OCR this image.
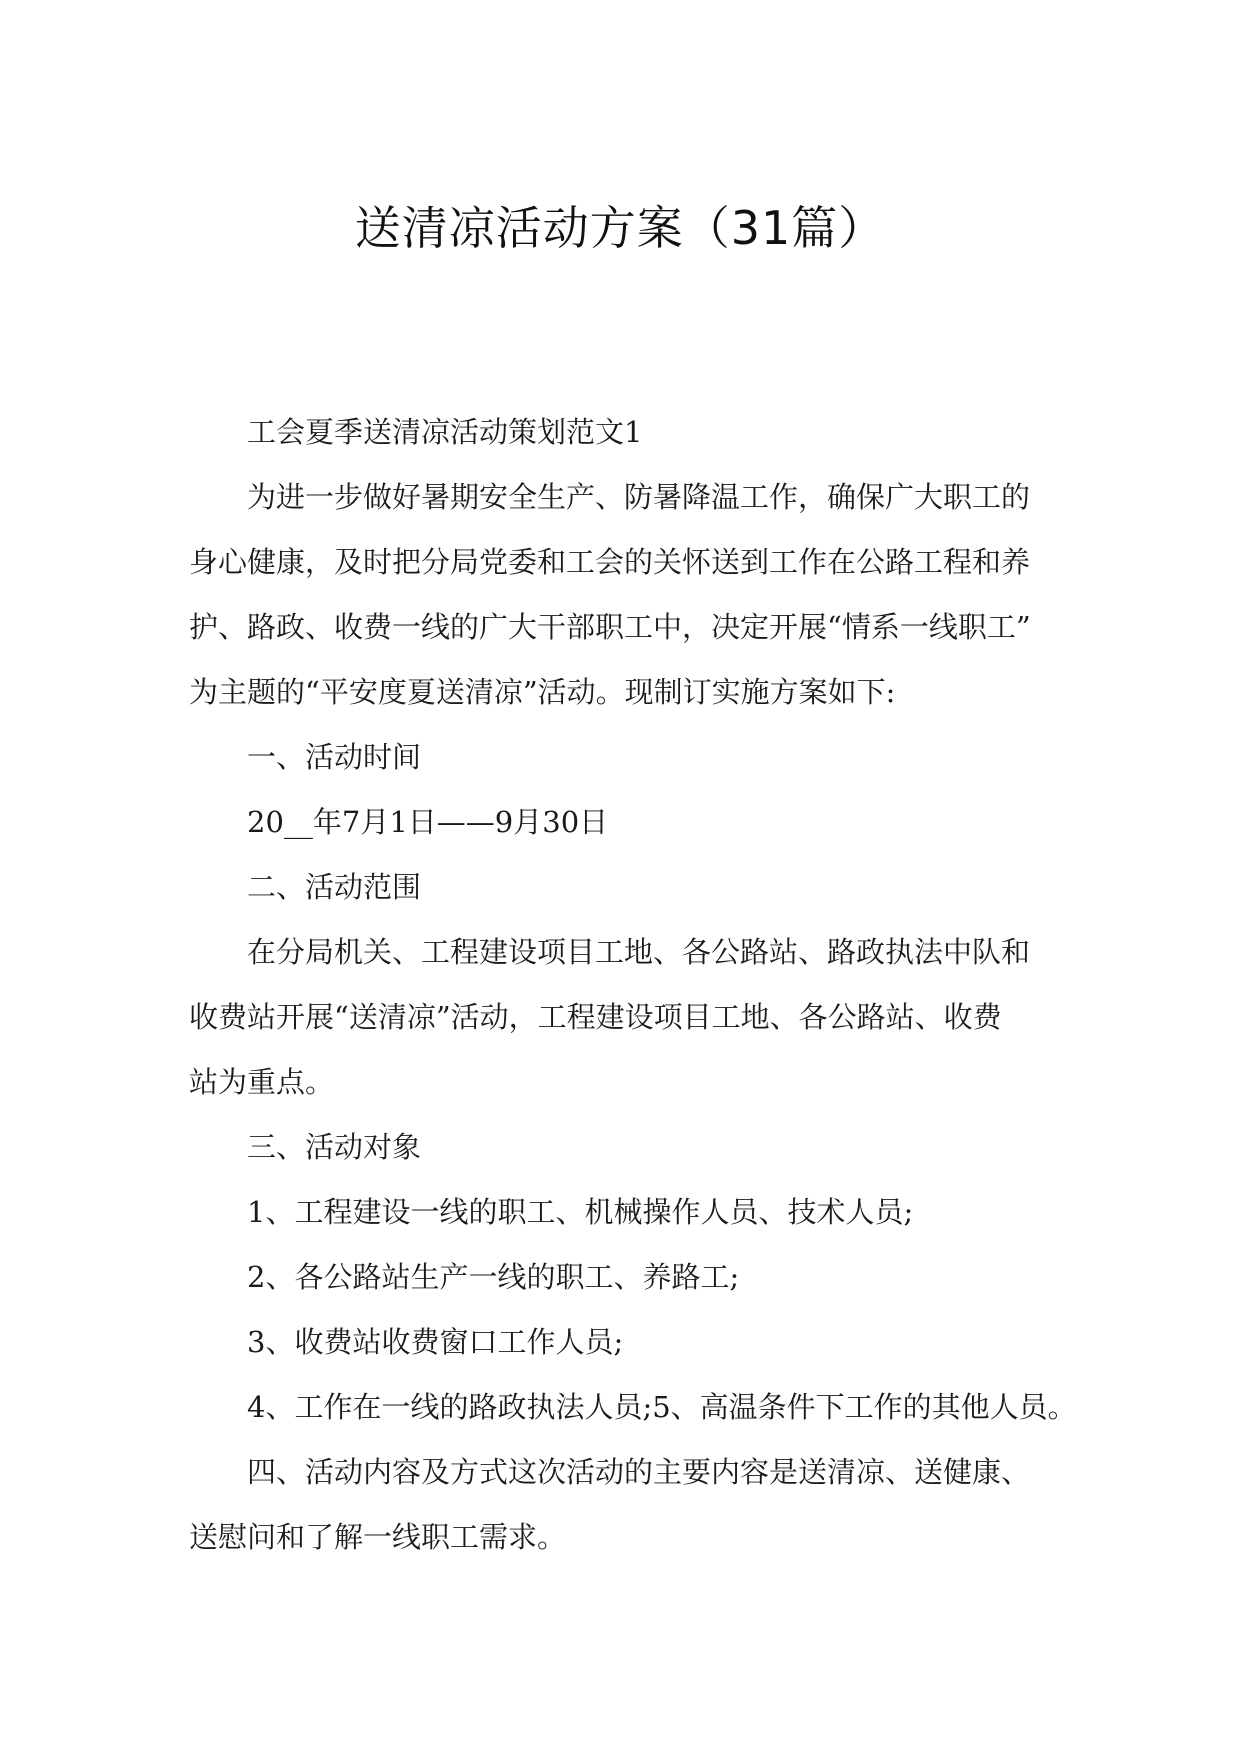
送清凉活动方案（31篇）
工会夏季送清凉活动策划范文1
为进一步做好暑期安全生产、防暑降温工作，确保广大职工的
身心健康，及时把分局党委和工会的关怀送到工作在公路工程和养
护、路政、收费一线的广大干部职工中，决定开展“情系一线职工”
为主题的“平安度夏送清凉”活动。现制订实施方案如下:
一、活动时间
20__年7月1日——9月30日
二、活动范围
在分局机关、工程建设项目工地、各公路站、路政执法中队和
收费站开展“送清凉”活动，工程建设项目工地、各公路站、收费
站为重点。
三、活动对象
1、工程建设一线的职工、机械操作人员、技术人员;
2、各公路站生产一线的职工、养路工;
3、收费站收费窗口工作人员;
4、工作在一线的路政执法人员;5、高温条件下工作的其他人员。
四、活动内容及方式这次活动的主要内容是送清凉、送健康、
送慰问和了解一线职工需求。
